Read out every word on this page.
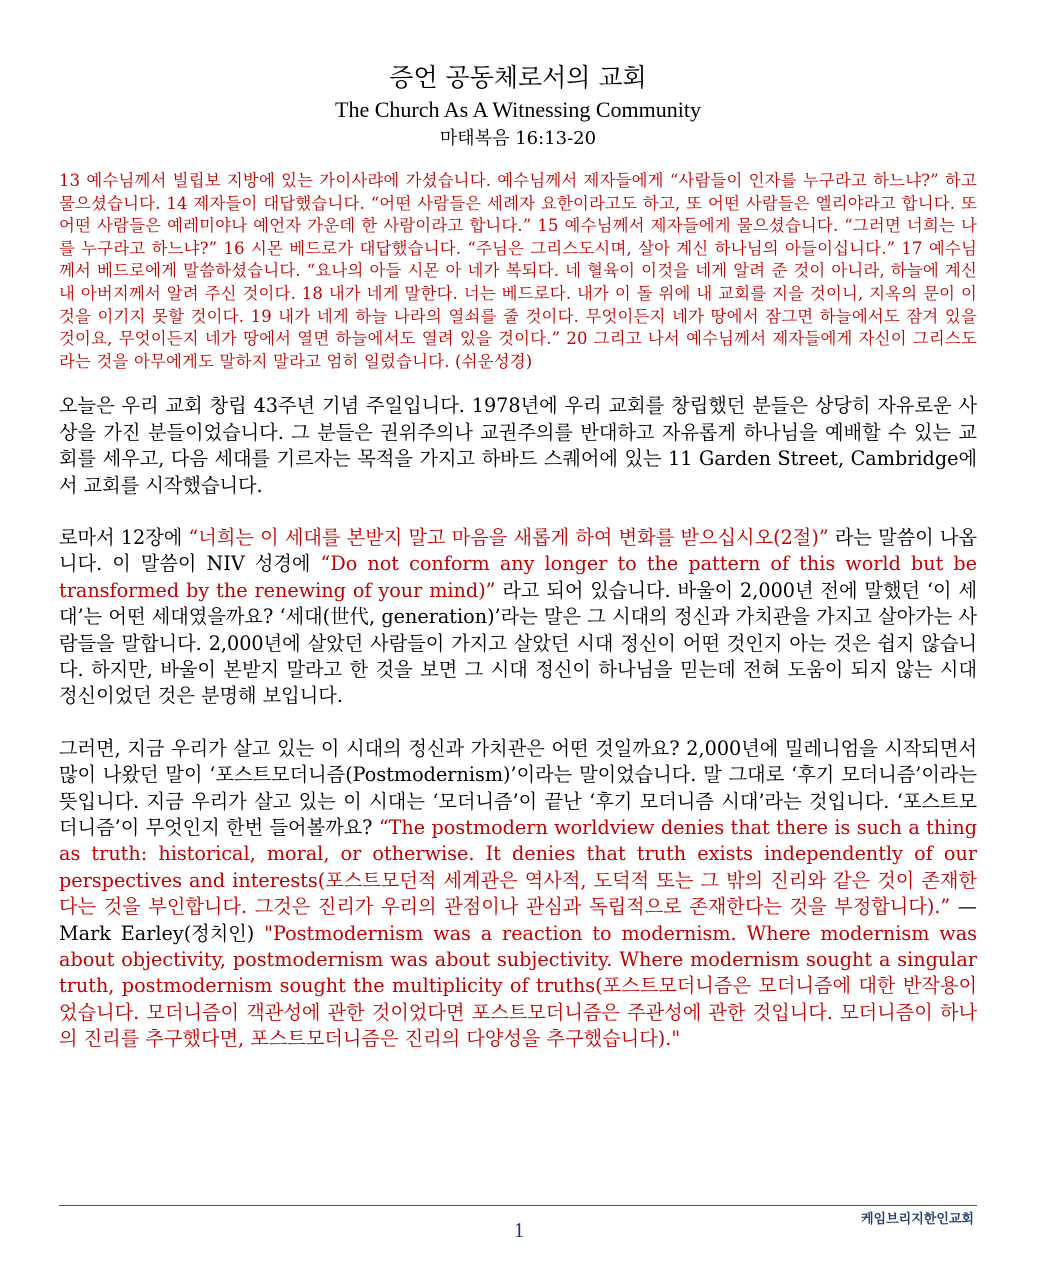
증언 공동체로서의 교회
The Church As A Witnessing Community
마태복음 16:13-20

13 예수님께서 빌립보 지방에 있는 가이사랴에 가셨습니다. 예수님께서 제자들에게 “사람들이 인자를 누구라고 하느냐?” 하고 물으셨습니다. 14 제자들이 대답했습니다. “어떤 사람들은 세례자 요한이라고도 하고, 또 어떤 사람들은 엘리야라고 합니다. 또 어떤 사람들은 예레미야나 예언자 가운데 한 사람이라고 합니다.” 15 예수님께서 제자들에게 물으셨습니다. “그러면 너희는 나를 누구라고 하느냐?” 16 시몬 베드로가 대답했습니다. “주님은 그리스도시며, 살아 계신 하나님의 아들이십니다.” 17 예수님께서 베드로에게 말씀하셨습니다. “요나의 아들 시몬 아 네가 복되다. 네 혈육이 이것을 네게 알려 준 것이 아니라, 하늘에 계신 내 아버지께서 알려 주신 것이다. 18 내가 네게 말한다. 너는 베드로다. 내가 이 돌 위에 내 교회를 지을 것이니, 지옥의 문이 이것을 이기지 못할 것이다. 19 내가 네게 하늘 나라의 열쇠를 줄 것이다. 무엇이든지 네가 땅에서 잠그면 하늘에서도 잠겨 있을 것이요, 무엇이든지 네가 땅에서 열면 하늘에서도 열려 있을 것이다.” 20 그리고 나서 예수님께서 제자들에게 자신이 그리스도라는 것을 아무에게도 말하지 말라고 엄히 일렀습니다. (쉬운성경)

오늘은 우리 교회 창립 43주년 기념 주일입니다. 1978년에 우리 교회를 창립했던 분들은 상당히 자유로운 사상을 가진 분들이었습니다. 그 분들은 권위주의나 교권주의를 반대하고 자유롭게 하나님을 예배할 수 있는 교회를 세우고, 다음 세대를 기르자는 목적을 가지고 하바드 스퀘어에 있는 11 Garden Street, Cambridge에서 교회를 시작했습니다.

로마서 12장에 “너희는 이 세대를 본받지 말고 마음을 새롭게 하여 변화를 받으십시오(2절)” 라는 말씀이 나옵니다. 이 말씀이 NIV 성경에 “Do not conform any longer to the pattern of this world but be transformed by the renewing of your mind)” 라고 되어 있습니다. 바울이 2,000년 전에 말했던 ‘이 세대’는 어떤 세대였을까요? ‘세대(世代, generation)’라는 말은 그 시대의 정신과 가치관을 가지고 살아가는 사람들을 말합니다. 2,000년에 살았던 사람들이 가지고 살았던 시대 정신이 어떤 것인지 아는 것은 쉽지 않습니다. 하지만, 바울이 본받지 말라고 한 것을 보면 그 시대 정신이 하나님을 믿는데 전혀 도움이 되지 않는 시대 정신이었던 것은 분명해 보입니다.

그러면, 지금 우리가 살고 있는 이 시대의 정신과 가치관은 어떤 것일까요? 2,000년에 밀레니엄을 시작되면서 많이 나왔던 말이 ‘포스트모더니즘(Postmodernism)’이라는 말이었습니다. 말 그대로 ‘후기 모더니즘’이라는 뜻입니다. 지금 우리가 살고 있는 이 시대는 ‘모더니즘’이 끝난 ‘후기 모더니즘 시대’라는 것입니다. ‘포스트모더니즘’이 무엇인지 한번 들어볼까요? “The postmodern worldview denies that there is such a thing as truth: historical, moral, or otherwise. It denies that truth exists independently of our perspectives and interests(포스트모던적 세계관은 역사적, 도덕적 또는 그 밖의 진리와 같은 것이 존재한다는 것을 부인합니다. 그것은 진리가 우리의 관점이나 관심과 독립적으로 존재한다는 것을 부정합니다).” — Mark Earley(정치인) "Postmodernism was a reaction to modernism. Where modernism was about objectivity, postmodernism was about subjectivity. Where modernism sought a singular truth, postmodernism sought the multiplicity of truths(포스트모더니즘은 모더니즘에 대한 반작용이었습니다. 모더니즘이 객관성에 관한 것이었다면 포스트모더니즘은 주관성에 관한 것입니다. 모더니즘이 하나의 진리를 추구했다면, 포스트모더니즘은 진리의 다양성을 추구했습니다)."

케임브리지한인교회
1
